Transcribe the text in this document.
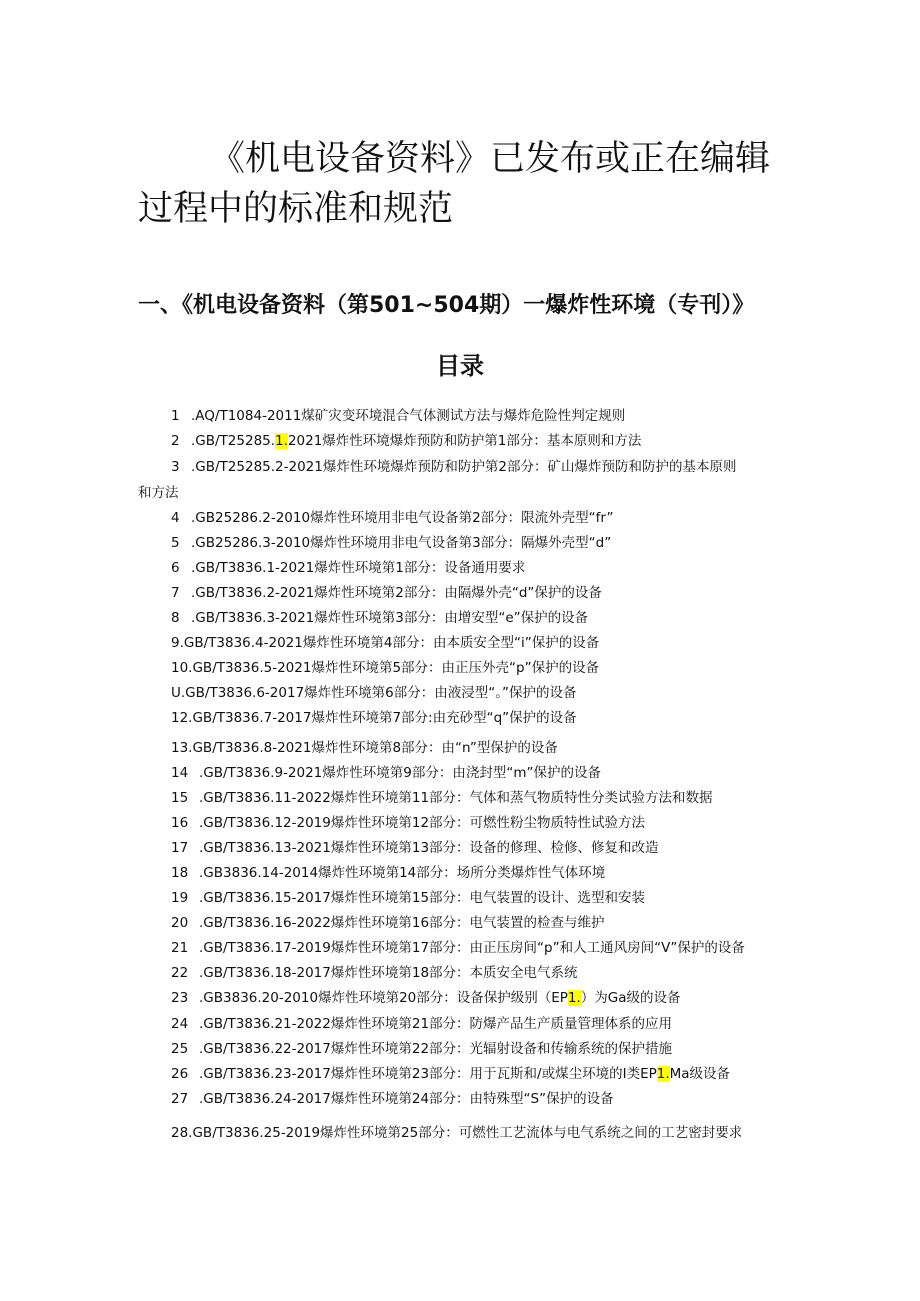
《机电设备资料》已发布或正在编辑过程中的标准和规范
一、《机电设备资料（第501~504期）一爆炸性环境（专刊）》
目录
1 .AQ/T1084-2011煤矿灾变环境混合气体测试方法与爆炸危险性判定规则
2 .GB/T25285.1.2021爆炸性环境爆炸预防和防护第1部分：基本原则和方法
3 .GB/T25285.2-2021爆炸性环境爆炸预防和防护第2部分：矿山爆炸预防和防护的基本原则
和方法
4 .GB25286.2-2010爆炸性环境用非电气设备第2部分：限流外壳型“fr”
5 .GB25286.3-2010爆炸性环境用非电气设备第3部分：隔爆外壳型“d”
6 .GB/T3836.1-2021爆炸性环境第1部分：设备通用要求
7 .GB/T3836.2-2021爆炸性环境第2部分：由隔爆外壳“d”保护的设备
8 .GB/T3836.3-2021爆炸性环境第3部分：由增安型“e”保护的设备
9.GB/T3836.4-2021爆炸性环境第4部分：由本质安全型“i”保护的设备
10.GB/T3836.5-2021爆炸性环境第5部分：由正压外壳“p”保护的设备
U.GB/T3836.6-2017爆炸性环境第6部分：由液浸型“。”保护的设备
12.GB/T3836.7-2017爆炸性环境第7部分:由充砂型“q”保护的设备
13.GB/T3836.8-2021爆炸性环境第8部分：由“n”型保护的设备
14 .GB/T3836.9-2021爆炸性环境第9部分：由浇封型“m”保护的设备
15 .GB/T3836.11-2022爆炸性环境第11部分：气体和蒸气物质特性分类试验方法和数据
16 .GB/T3836.12-2019爆炸性环境第12部分：可燃性粉尘物质特性试验方法
17 .GB/T3836.13-2021爆炸性环境第13部分：设备的修理、检修、修复和改造
18 .GB3836.14-2014爆炸性环境第14部分：场所分类爆炸性气体环境
19 .GB/T3836.15-2017爆炸性环境第15部分：电气装置的设计、选型和安装
20 .GB/T3836.16-2022爆炸性环境第16部分：电气装置的检查与维护
21 .GB/T3836.17-2019爆炸性环境第17部分：由正压房间“p”和人工通风房间“V”保护的设备
22 .GB/T3836.18-2017爆炸性环境第18部分：本质安全电气系统
23 .GB3836.20-2010爆炸性环境第20部分：设备保护级别（EP1.）为Ga级的设备
24 .GB/T3836.21-2022爆炸性环境第21部分：防爆产品生产质量管理体系的应用
25 .GB/T3836.22-2017爆炸性环境第22部分：光辐射设备和传输系统的保护措施
26 .GB/T3836.23-2017爆炸性环境第23部分：用于瓦斯和/或煤尘环境的I类EP1.Ma级设备
27 .GB/T3836.24-2017爆炸性环境第24部分：由特殊型“S”保护的设备
28.GB/T3836.25-2019爆炸性环境第25部分：可燃性工艺流体与电气系统之间的工艺密封要求
